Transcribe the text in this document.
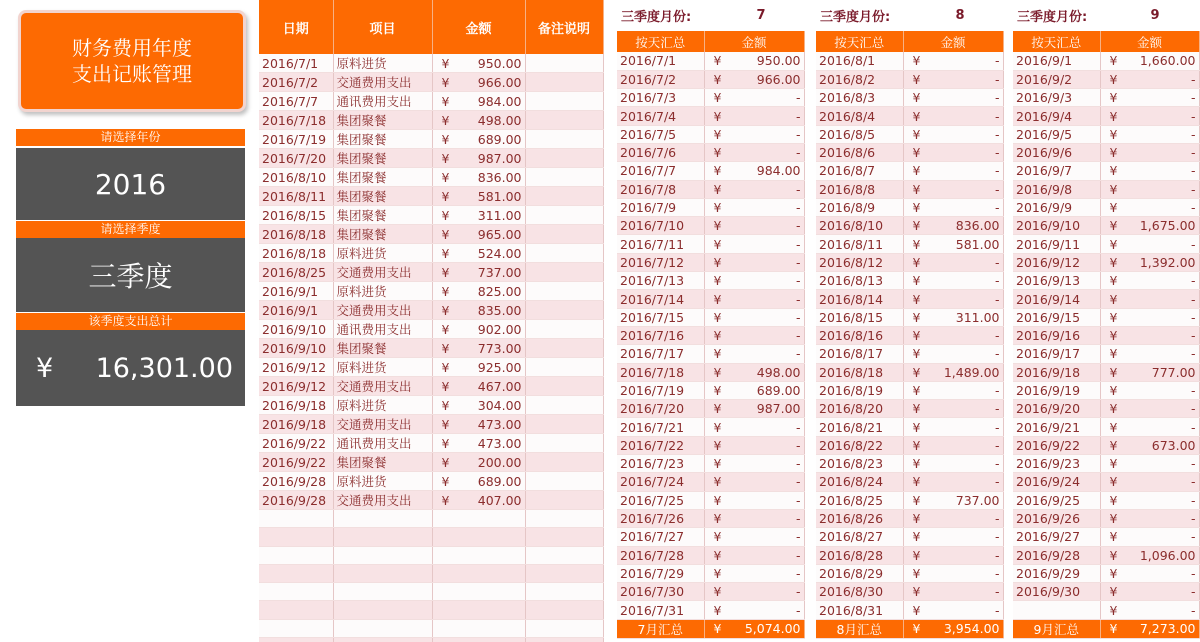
财务费用年度
支出记账管理
请选择年份
2016
请选择季度
三季度
该季度支出总计
¥ 16,301.00
日期	项目	金额	备注说明
2016/7/1	原料进货	¥ 950.00	

2016/7/2	交通费用支出	¥ 966.00	

2016/7/7	通讯费用支出	¥ 984.00	

2016/7/18	集团聚餐	¥ 498.00	

2016/7/19	集团聚餐	¥ 689.00	

2016/7/20	集团聚餐	¥ 987.00	

2016/8/10	集团聚餐	¥ 836.00	

2016/8/11	集团聚餐	¥ 581.00	

2016/8/15	集团聚餐	¥ 311.00	

2016/8/18	集团聚餐	¥ 965.00	

2016/8/18	原料进货	¥ 524.00	

2016/8/25	交通费用支出	¥ 737.00	

2016/9/1	原料进货	¥ 825.00	

2016/9/1	交通费用支出	¥ 835.00	

2016/9/10	通讯费用支出	¥ 902.00	

2016/9/10	集团聚餐	¥ 773.00	

2016/9/12	原料进货	¥ 925.00	

2016/9/12	交通费用支出	¥ 467.00	

2016/9/18	原料进货	¥ 304.00	

2016/9/18	交通费用支出	¥ 473.00	

2016/9/22	通讯费用支出	¥ 473.00	

2016/9/22	集团聚餐	¥ 200.00	

2016/9/28	原料进货	¥ 689.00	

2016/9/28	交通费用支出	¥ 407.00	

三季度月份:	7
按天汇总	金额
2016/7/1	¥ 950.00

2016/7/2	¥ 966.00

2016/7/3	¥ -

2016/7/4	¥ -

2016/7/5	¥ -

2016/7/6	¥ -

2016/7/7	¥ 984.00

2016/7/8	¥ -

2016/7/9	¥ -

2016/7/10	¥ -

2016/7/11	¥ -

2016/7/12	¥ -

2016/7/13	¥ -

2016/7/14	¥ -

2016/7/15	¥ -

2016/7/16	¥ -

2016/7/17	¥ -

2016/7/18	¥ 498.00

2016/7/19	¥ 689.00

2016/7/20	¥ 987.00

2016/7/21	¥ -

2016/7/22	¥ -

2016/7/23	¥ -

2016/7/24	¥ -

2016/7/25	¥ -

2016/7/26	¥ -

2016/7/27	¥ -

2016/7/28	¥ -

2016/7/29	¥ -

2016/7/30	¥ -

2016/7/31	¥ -

7月汇总	¥ 5,074.00
三季度月份:	8
按天汇总	金额
2016/8/1	¥ -

2016/8/2	¥ -

2016/8/3	¥ -

2016/8/4	¥ -

2016/8/5	¥ -

2016/8/6	¥ -

2016/8/7	¥ -

2016/8/8	¥ -

2016/8/9	¥ -

2016/8/10	¥ 836.00

2016/8/11	¥ 581.00

2016/8/12	¥ -

2016/8/13	¥ -

2016/8/14	¥ -

2016/8/15	¥ 311.00

2016/8/16	¥ -

2016/8/17	¥ -

2016/8/18	¥ 1,489.00

2016/8/19	¥ -

2016/8/20	¥ -

2016/8/21	¥ -

2016/8/22	¥ -

2016/8/23	¥ -

2016/8/24	¥ -

2016/8/25	¥ 737.00

2016/8/26	¥ -

2016/8/27	¥ -

2016/8/28	¥ -

2016/8/29	¥ -

2016/8/30	¥ -

2016/8/31	¥ -

8月汇总	¥ 3,954.00
三季度月份:	9
按天汇总	金额
2016/9/1	¥ 1,660.00

2016/9/2	¥ -

2016/9/3	¥ -

2016/9/4	¥ -

2016/9/5	¥ -

2016/9/6	¥ -

2016/9/7	¥ -

2016/9/8	¥ -

2016/9/9	¥ -

2016/9/10	¥ 1,675.00

2016/9/11	¥ -

2016/9/12	¥ 1,392.00

2016/9/13	¥ -

2016/9/14	¥ -

2016/9/15	¥ -

2016/9/16	¥ -

2016/9/17	¥ -

2016/9/18	¥ 777.00

2016/9/19	¥ -

2016/9/20	¥ -

2016/9/21	¥ -

2016/9/22	¥ 673.00

2016/9/23	¥ -

2016/9/24	¥ -

2016/9/25	¥ -

2016/9/26	¥ -

2016/9/27	¥ -

2016/9/28	¥ 1,096.00

2016/9/29	¥ -

2016/9/30	¥ -

	¥ -

9月汇总	¥ 7,273.00
